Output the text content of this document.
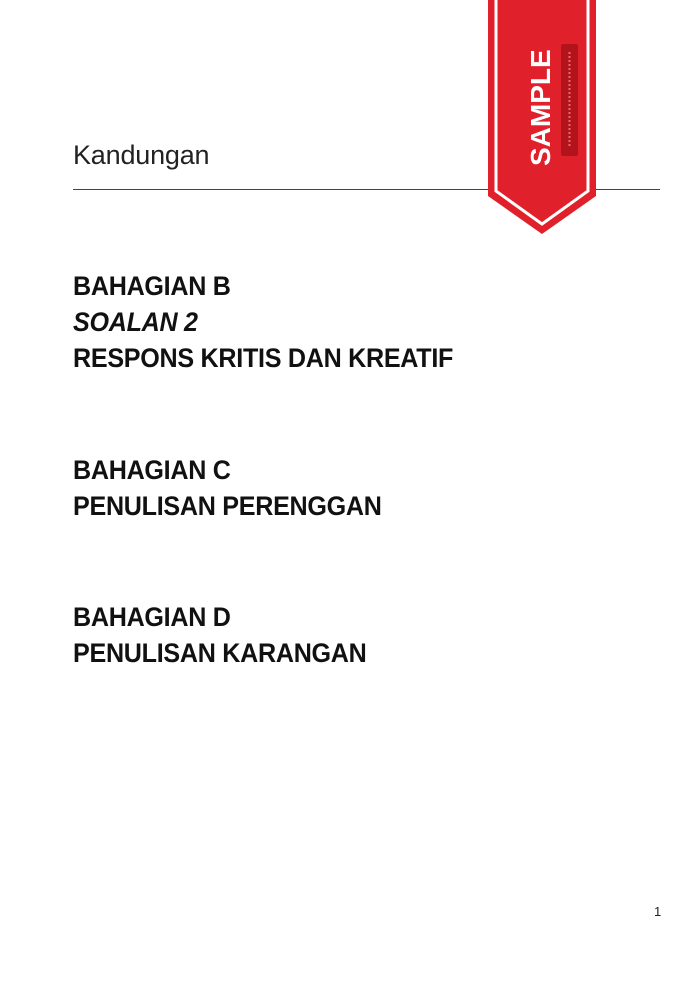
Kandungan
BAHAGIAN B
SOALAN 2
RESPONS KRITIS DAN KREATIF
BAHAGIAN C
PENULISAN PERENGGAN
BAHAGIAN D
PENULISAN KARANGAN
1
SAMPLE
